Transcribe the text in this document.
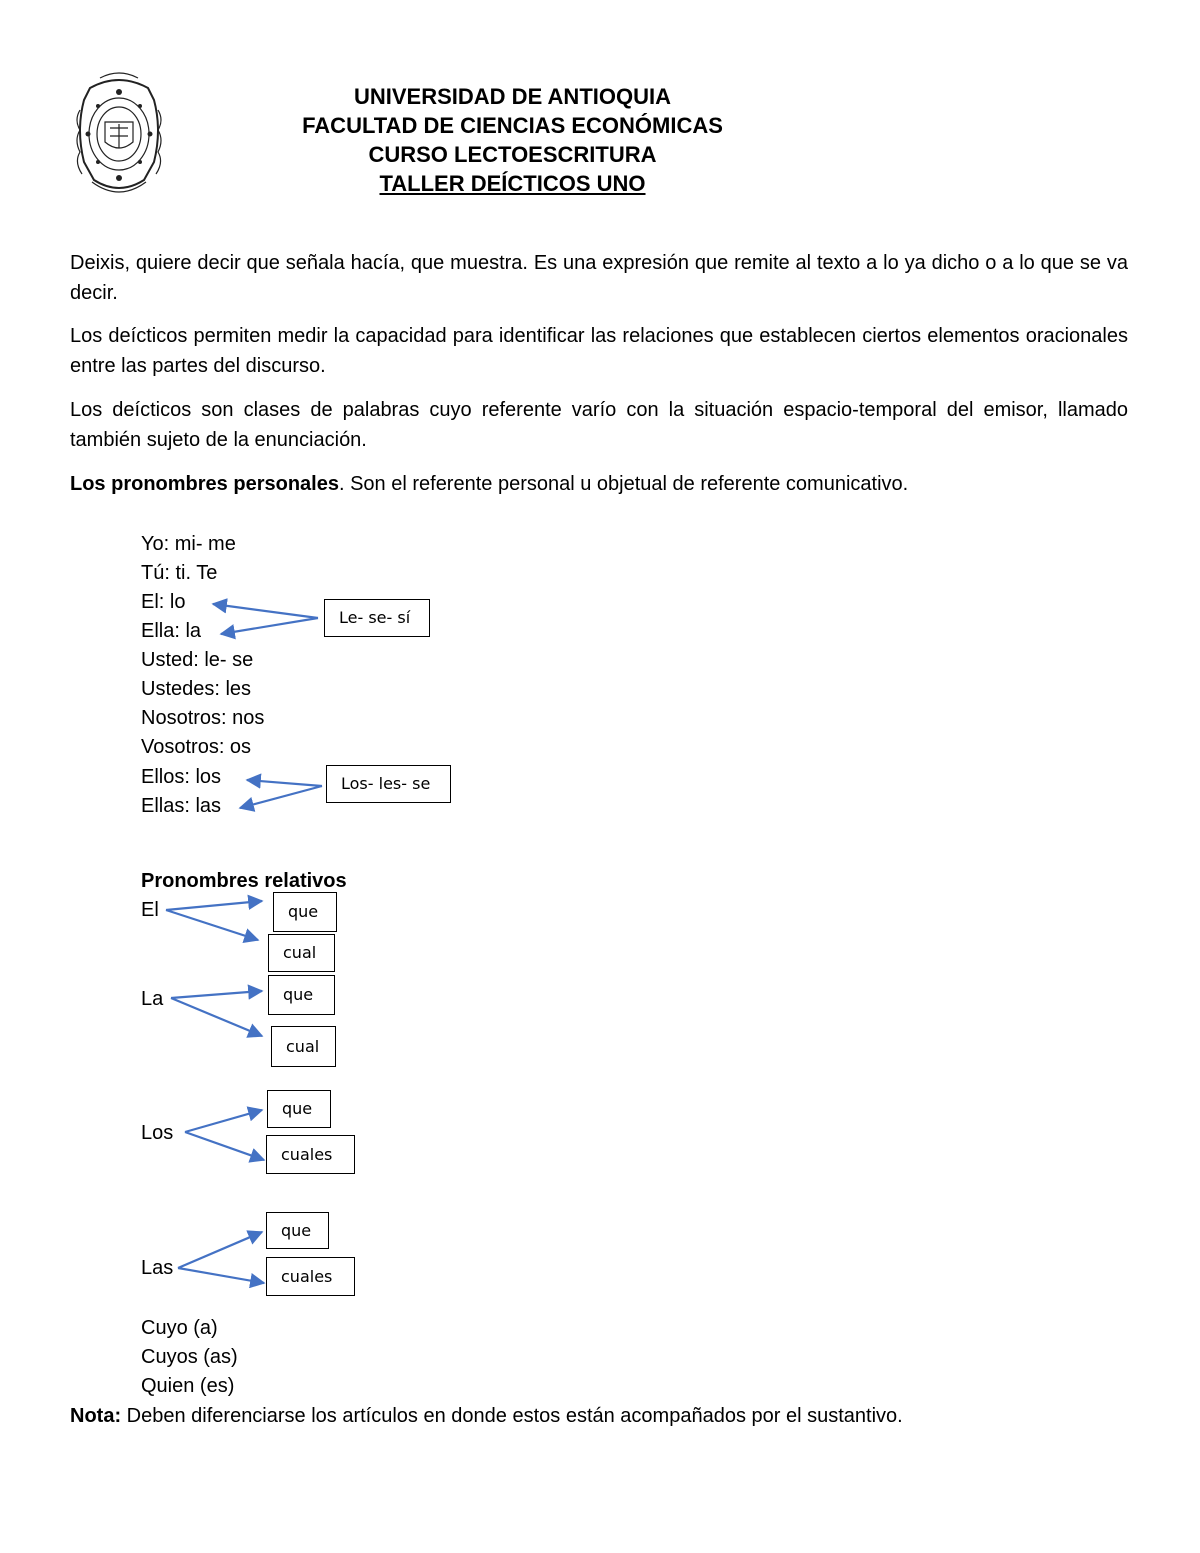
UNIVERSIDAD DE ANTIOQUIA
FACULTAD DE CIENCIAS ECONÓMICAS
CURSO LECTOESCRITURA
TALLER DEÍCTICOS UNO

Deixis, quiere decir que señala hacía, que muestra. Es una expresión que remite al texto a lo ya dicho o a lo que se va decir.

Los deícticos permiten medir la capacidad para identificar las relaciones que establecen ciertos elementos oracionales entre las partes del discurso.

Los deícticos son clases de palabras cuyo referente varío con la situación espacio-temporal del emisor, llamado también sujeto de la enunciación.

Los pronombres personales. Son el referente personal u objetual de referente comunicativo.

Yo: mi- me
Tú: ti. Te
El: lo
Ella: la
Usted: le- se
Ustedes: les
Nosotros: nos
Vosotros: os
Ellos: los
Ellas: las
Le- se- sí
Los- les- se
Pronombres relativos
El
La
Los
Las
que
cual
que
cual
que
cuales
que
cuales
Cuyo (a)
Cuyos (as)
Quien (es)
Nota: Deben diferenciarse los artículos en donde estos están acompañados por el sustantivo.
